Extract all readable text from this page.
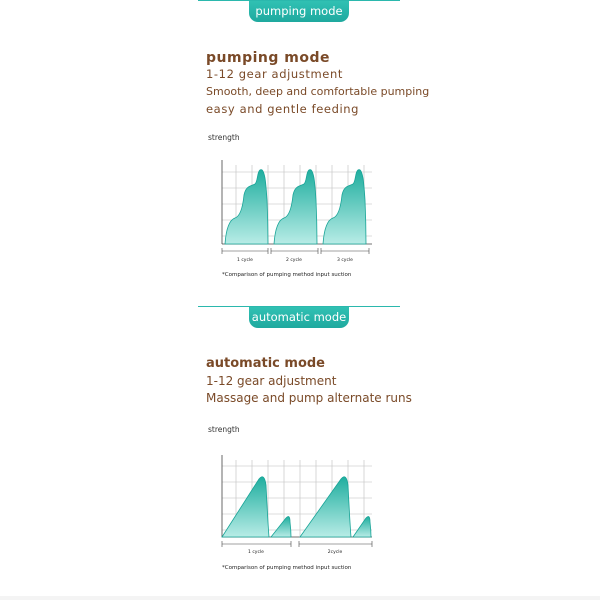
pumping mode
pumping mode
1-12 gear adjustment
Smooth, deep and comfortable pumping
easy and gentle feeding
strength
1 cycle	2 cycle	3 cycle
*Comparison of pumping method input suction
automatic mode
automatic mode
1-12 gear adjustment
Massage and pump alternate runs
strength
1 cycle	2cycle
*Comparison of pumping method input suction
